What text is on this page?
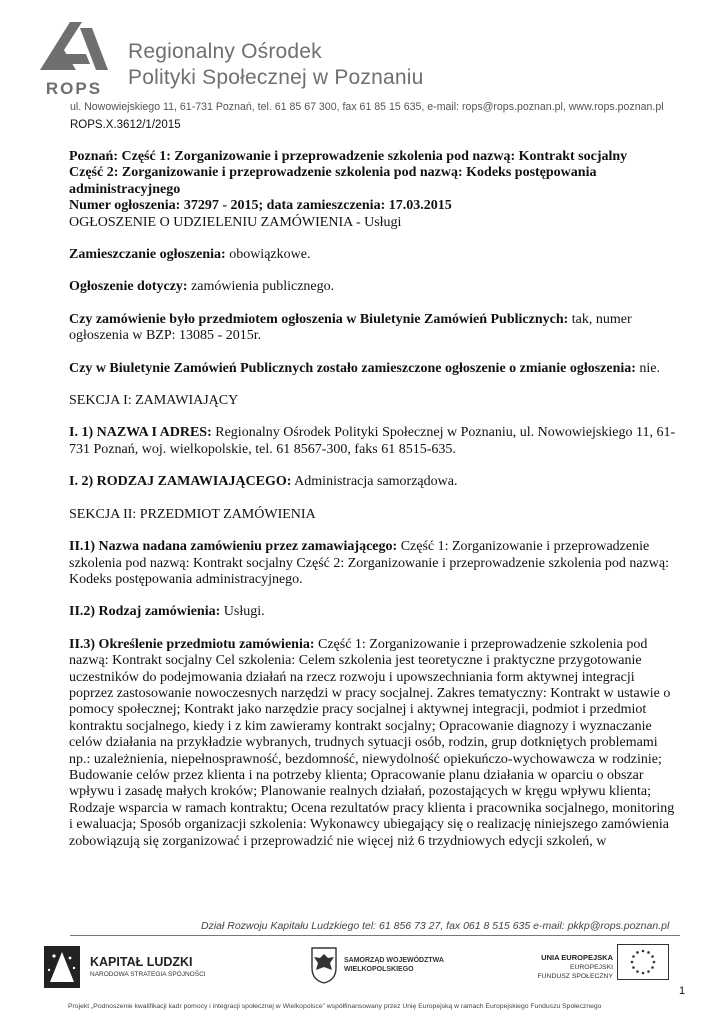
ROPS
Regionalny Ośrodek
Polityki Społecznej w Poznaniu
ul. Nowowiejskiego 11, 61-731 Poznań, tel. 61 85 67 300, fax 61 85 15 635, e-mail: rops@rops.poznan.pl, www.rops.poznan.pl
ROPS.X.3612/1/2015

Poznań: Część 1: Zorganizowanie i przeprowadzenie szkolenia pod nazwą: Kontrakt socjalny

Część 2: Zorganizowanie i przeprowadzenie szkolenia pod nazwą: Kodeks postępowania

administracyjnego

Numer ogłoszenia: 37297 - 2015; data zamieszczenia: 17.03.2015

OGŁOSZENIE O UDZIELENIU ZAMÓWIENIA - Usługi

Zamieszczanie ogłoszenia: obowiązkowe.

Ogłoszenie dotyczy: zamówienia publicznego.

Czy zamówienie było przedmiotem ogłoszenia w Biuletynie Zamówień Publicznych: tak, numer ogłoszenia w BZP: 13085 - 2015r.

Czy w Biuletynie Zamówień Publicznych zostało zamieszczone ogłoszenie o zmianie ogłoszenia: nie.

SEKCJA I: ZAMAWIAJĄCY

I. 1) NAZWA I ADRES: Regionalny Ośrodek Polityki Społecznej w Poznaniu, ul. Nowowiejskiego 11, 61-731 Poznań, woj. wielkopolskie, tel. 61 8567-300, faks 61 8515-635.

I. 2) RODZAJ ZAMAWIAJĄCEGO: Administracja samorządowa.

SEKCJA II: PRZEDMIOT ZAMÓWIENIA

II.1) Nazwa nadana zamówieniu przez zamawiającego: Część 1: Zorganizowanie i przeprowadzenie szkolenia pod nazwą: Kontrakt socjalny Część 2: Zorganizowanie i przeprowadzenie szkolenia pod nazwą: Kodeks postępowania administracyjnego.

II.2) Rodzaj zamówienia: Usługi.

II.3) Określenie przedmiotu zamówienia: Część 1: Zorganizowanie i przeprowadzenie szkolenia pod nazwą: Kontrakt socjalny Cel szkolenia: Celem szkolenia jest teoretyczne i praktyczne przygotowanie uczestników do podejmowania działań na rzecz rozwoju i upowszechniania form aktywnej integracji poprzez zastosowanie nowoczesnych narzędzi w pracy socjalnej. Zakres tematyczny: Kontrakt w ustawie o pomocy społecznej; Kontrakt jako narzędzie pracy socjalnej i aktywnej integracji, podmiot i przedmiot kontraktu socjalnego, kiedy i z kim zawieramy kontrakt socjalny; Opracowanie diagnozy i wyznaczanie celów działania na przykładzie wybranych, trudnych sytuacji osób, rodzin, grup dotkniętych problemami np.: uzależnienia, niepełnosprawność, bezdomność, niewydolność opiekuńczo-wychowawcza w rodzinie; Budowanie celów przez klienta i na potrzeby klienta; Opracowanie planu działania w oparciu o obszar wpływu i zasadę małych kroków; Planowanie realnych działań, pozostających w kręgu wpływu klienta; Rodzaje wsparcia w ramach kontraktu; Ocena rezultatów pracy klienta i pracownika socjalnego, monitoring i ewaluacja; Sposób organizacji szkolenia: Wykonawcy ubiegający się o realizację niniejszego zamówienia zobowiązują się zorganizować i przeprowadzić nie więcej niż 6 trzydniowych edycji szkoleń, w

Dział Rozwoju Kapitału Ludzkiego tel: 61 856 73 27, fax 061 8 515 635 e-mail: pkkp@rops.poznan.pl
KAPITAŁ LUDZKI
NARODOWA STRATEGIA SPÓJNOŚCI
SAMORZĄD WOJEWÓDZTWA
WIELKOPOLSKIEGO
UNIA EUROPEJSKA
EUROPEJSKI
FUNDUSZ SPOŁECZNY
Projekt „Podnoszenie kwalifikacji kadr pomocy i integracji społecznej w Wielkopolsce” współfinansowany przez Unię Europejską w ramach Europejskiego Funduszu Społecznego
1
